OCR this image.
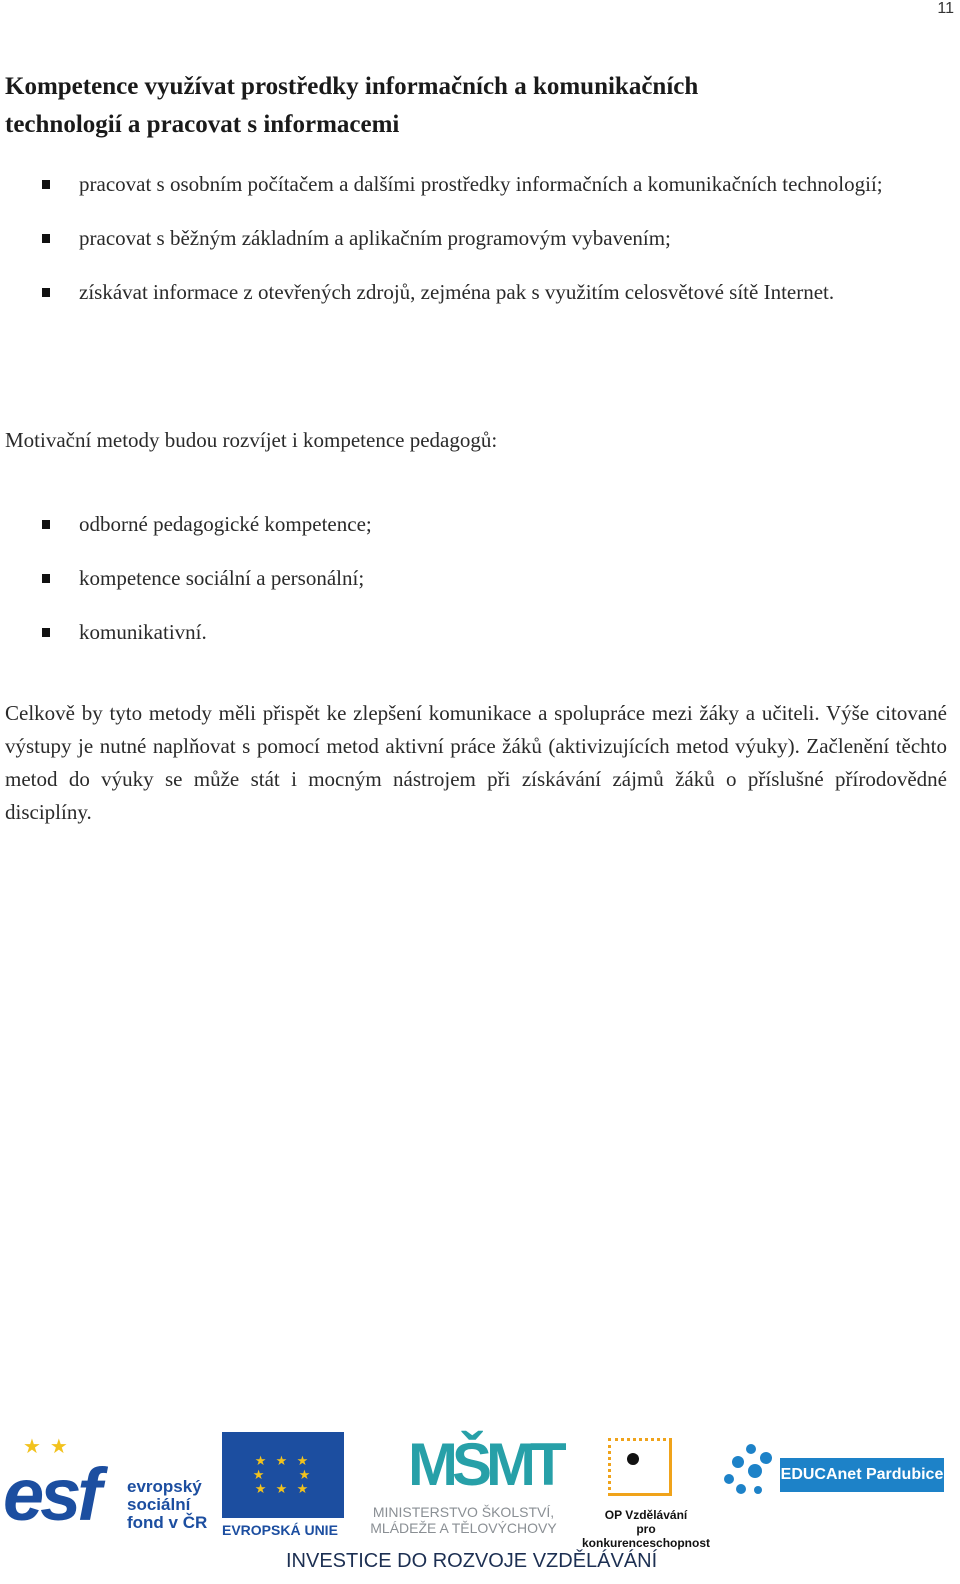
11
Kompetence využívat prostředky informačních a komunikačních
technologií a pracovat s informacemi
pracovat s osobním počítačem a dalšími prostředky informačních a komunikačních technologií;
pracovat s běžným základním a aplikačním programovým vybavením;
získávat informace z otevřených zdrojů, zejména pak s využitím celosvětové sítě Internet.

Motivační metody budou rozvíjet i kompetence pedagogů:

odborné pedagogické kompetence;
kompetence sociální a personální;
komunikativní.

Celkově by tyto metody měli přispět ke zlepšení komunikace a spolupráce mezi žáky a učiteli. Výše citované výstupy je nutné naplňovat s pomocí metod aktivní práce žáků (aktivizujících metod výuky). Začlenění těchto metod do výuky se může stát i mocným nástrojem při získávání zájmů žáků o příslušné přírodovědné disciplíny.

★ ★
esf evropský
sociální
fond v ČR
★ ★ ★
★     ★
★ ★ ★
EVROPSKÁ UNIE
MŠMT
MINISTERSTVO ŠKOLSTVÍ,
MLÁDEŽE A TĚLOVÝCHOVY
OP Vzdělávání
pro konkurenceschopnost
EDUCAnet Pardubice
INVESTICE DO ROZVOJE VZDĚLÁVÁNÍ
